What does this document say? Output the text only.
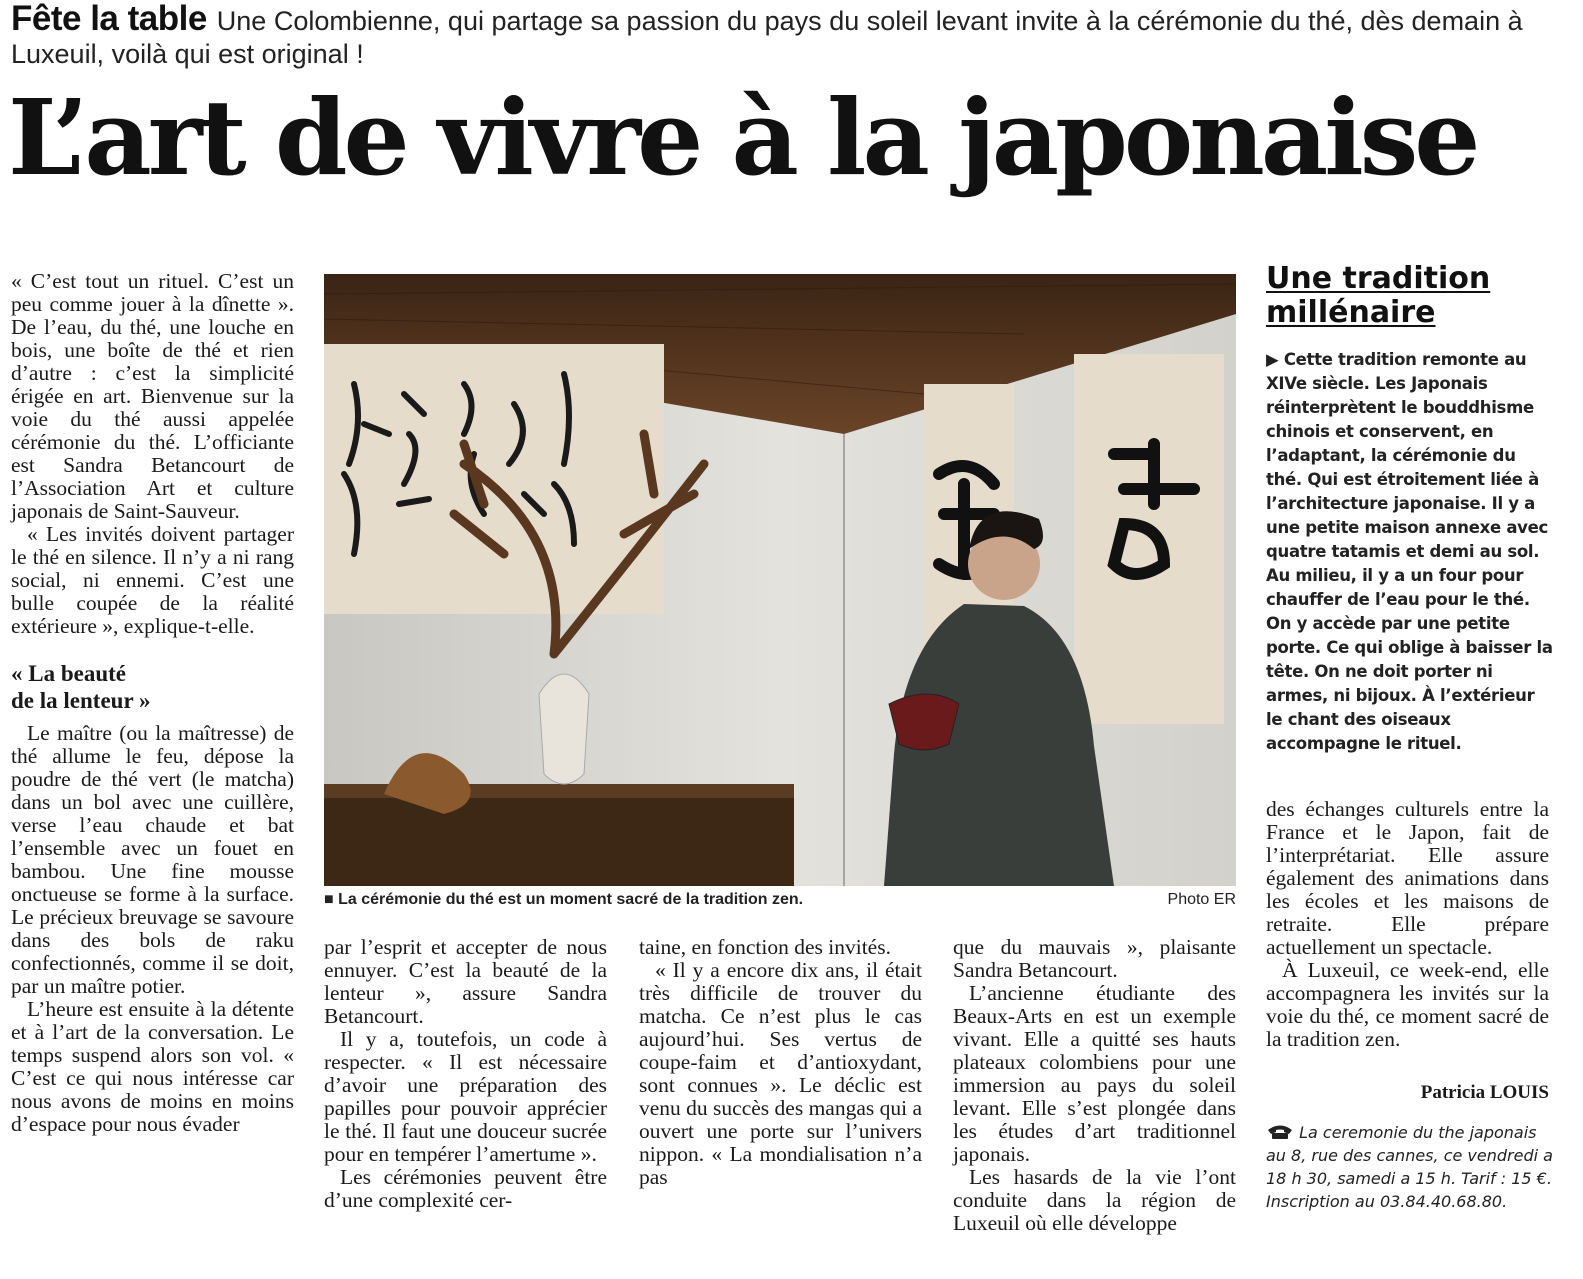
Fête la table Une Colombienne, qui partage sa passion du pays du soleil levant invite à la cérémonie du thé, dès demain à Luxeuil, voilà qui est original !
L’art de vivre à la japonaise

« C’est tout un rituel. C’est un peu comme jouer à la dînette ». De l’eau, du thé, une louche en bois, une boîte de thé et rien d’autre : c’est la simplicité érigée en art. Bienvenue sur la voie du thé aussi appelée cérémonie du thé. L’officiante est Sandra Betancourt de l’Association Art et culture japonais de Saint-Sauveur.

« Les invités doivent partager le thé en silence. Il n’y a ni rang social, ni ennemi. C’est une bulle coupée de la réalité extérieure », explique-t-elle.

« La beauté
de la lenteur »

Le maître (ou la maîtresse) de thé allume le feu, dépose la poudre de thé vert (le matcha) dans un bol avec une cuillère, verse l’eau chaude et bat l’ensemble avec un fouet en bambou. Une fine mousse onctueuse se forme à la surface. Le précieux breuvage se savoure dans des bols de raku confectionnés, comme il se doit, par un maître potier.

L’heure est ensuite à la détente et à l’art de la conversation. Le temps suspend alors son vol. « C’est ce qui nous intéresse car nous avons de moins en moins d’espace pour nous évader

■ La cérémonie du thé est un moment sacré de la tradition zen.	Photo ER

par l’esprit et accepter de nous ennuyer. C’est la beauté de la lenteur », assure Sandra Betancourt.

Il y a, toutefois, un code à respecter. « Il est nécessaire d’avoir une préparation des papilles pour pouvoir apprécier le thé. Il faut une douceur sucrée pour en tempérer l’amertume ».

Les cérémonies peuvent être d’une complexité cer-

taine, en fonction des invités.

« Il y a encore dix ans, il était très difficile de trouver du matcha. Ce n’est plus le cas aujourd’hui. Ses vertus de coupe-faim et d’antioxydant, sont connues ». Le déclic est venu du succès des mangas qui a ouvert une porte sur l’univers nippon. « La mondialisation n’a pas

que du mauvais », plaisante Sandra Betancourt.

L’ancienne étudiante des Beaux-Arts en est un exemple vivant. Elle a quitté ses hauts plateaux colombiens pour une immersion au pays du soleil levant. Elle s’est plongée dans les études d’art traditionnel japonais.

Les hasards de la vie l’ont conduite dans la région de Luxeuil où elle développe

Une tradition millénaire
▶ Cette tradition remonte au XIVe siècle. Les Japonais réinterprètent le bouddhisme chinois et conservent, en l’adaptant, la cérémonie du thé. Qui est étroitement liée à l’architecture japonaise. Il y a une petite maison annexe avec quatre tatamis et demi au sol. Au milieu, il y a un four pour chauffer de l’eau pour le thé. On y accède par une petite porte. Ce qui oblige à baisser la tête. On ne doit porter ni armes, ni bijoux. À l’extérieur le chant des oiseaux accompagne le rituel.

des échanges culturels entre la France et le Japon, fait de l’interprétariat. Elle assure également des animations dans les écoles et les maisons de retraite. Elle prépare actuellement un spectacle.

À Luxeuil, ce week-end, elle accompagnera les invités sur la voie du thé, ce moment sacré de la tradition zen.

Patricia LOUIS
La ceremonie du the japonais au 8, rue des cannes, ce vendredi a 18 h 30, samedi a 15 h. Tarif : 15 €. Inscription au 03.84.40.68.80.
